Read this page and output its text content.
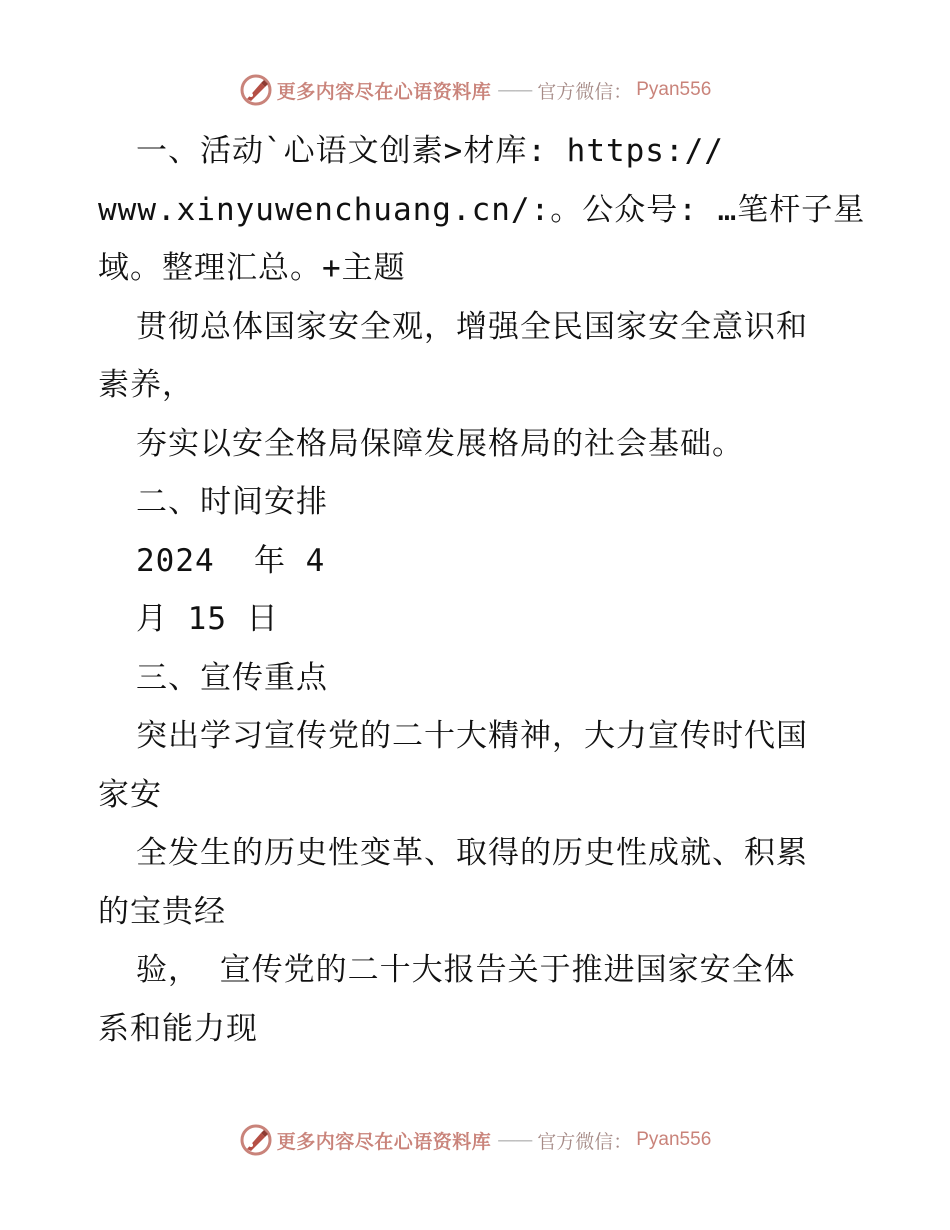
更多内容尽在心语资料库 —— 官方微信： Pyan556
一、活动`心语文创素>材库: https://
www.xinyuwenchuang.cn/:。公众号: …笔杆子星
域。整理汇总。+主题
贯彻总体国家安全观，增强全民国家安全意识和
素养，
夯实以安全格局保障发展格局的社会基础。
二、时间安排
2024  年 4
月 15 日
三、宣传重点
突出学习宣传党的二十大精神，大力宣传时代国
家安
全发生的历史性变革、取得的历史性成就、积累
的宝贵经
验， 宣传党的二十大报告关于推进国家安全体
系和能力现
更多内容尽在心语资料库 —— 官方微信： Pyan556
